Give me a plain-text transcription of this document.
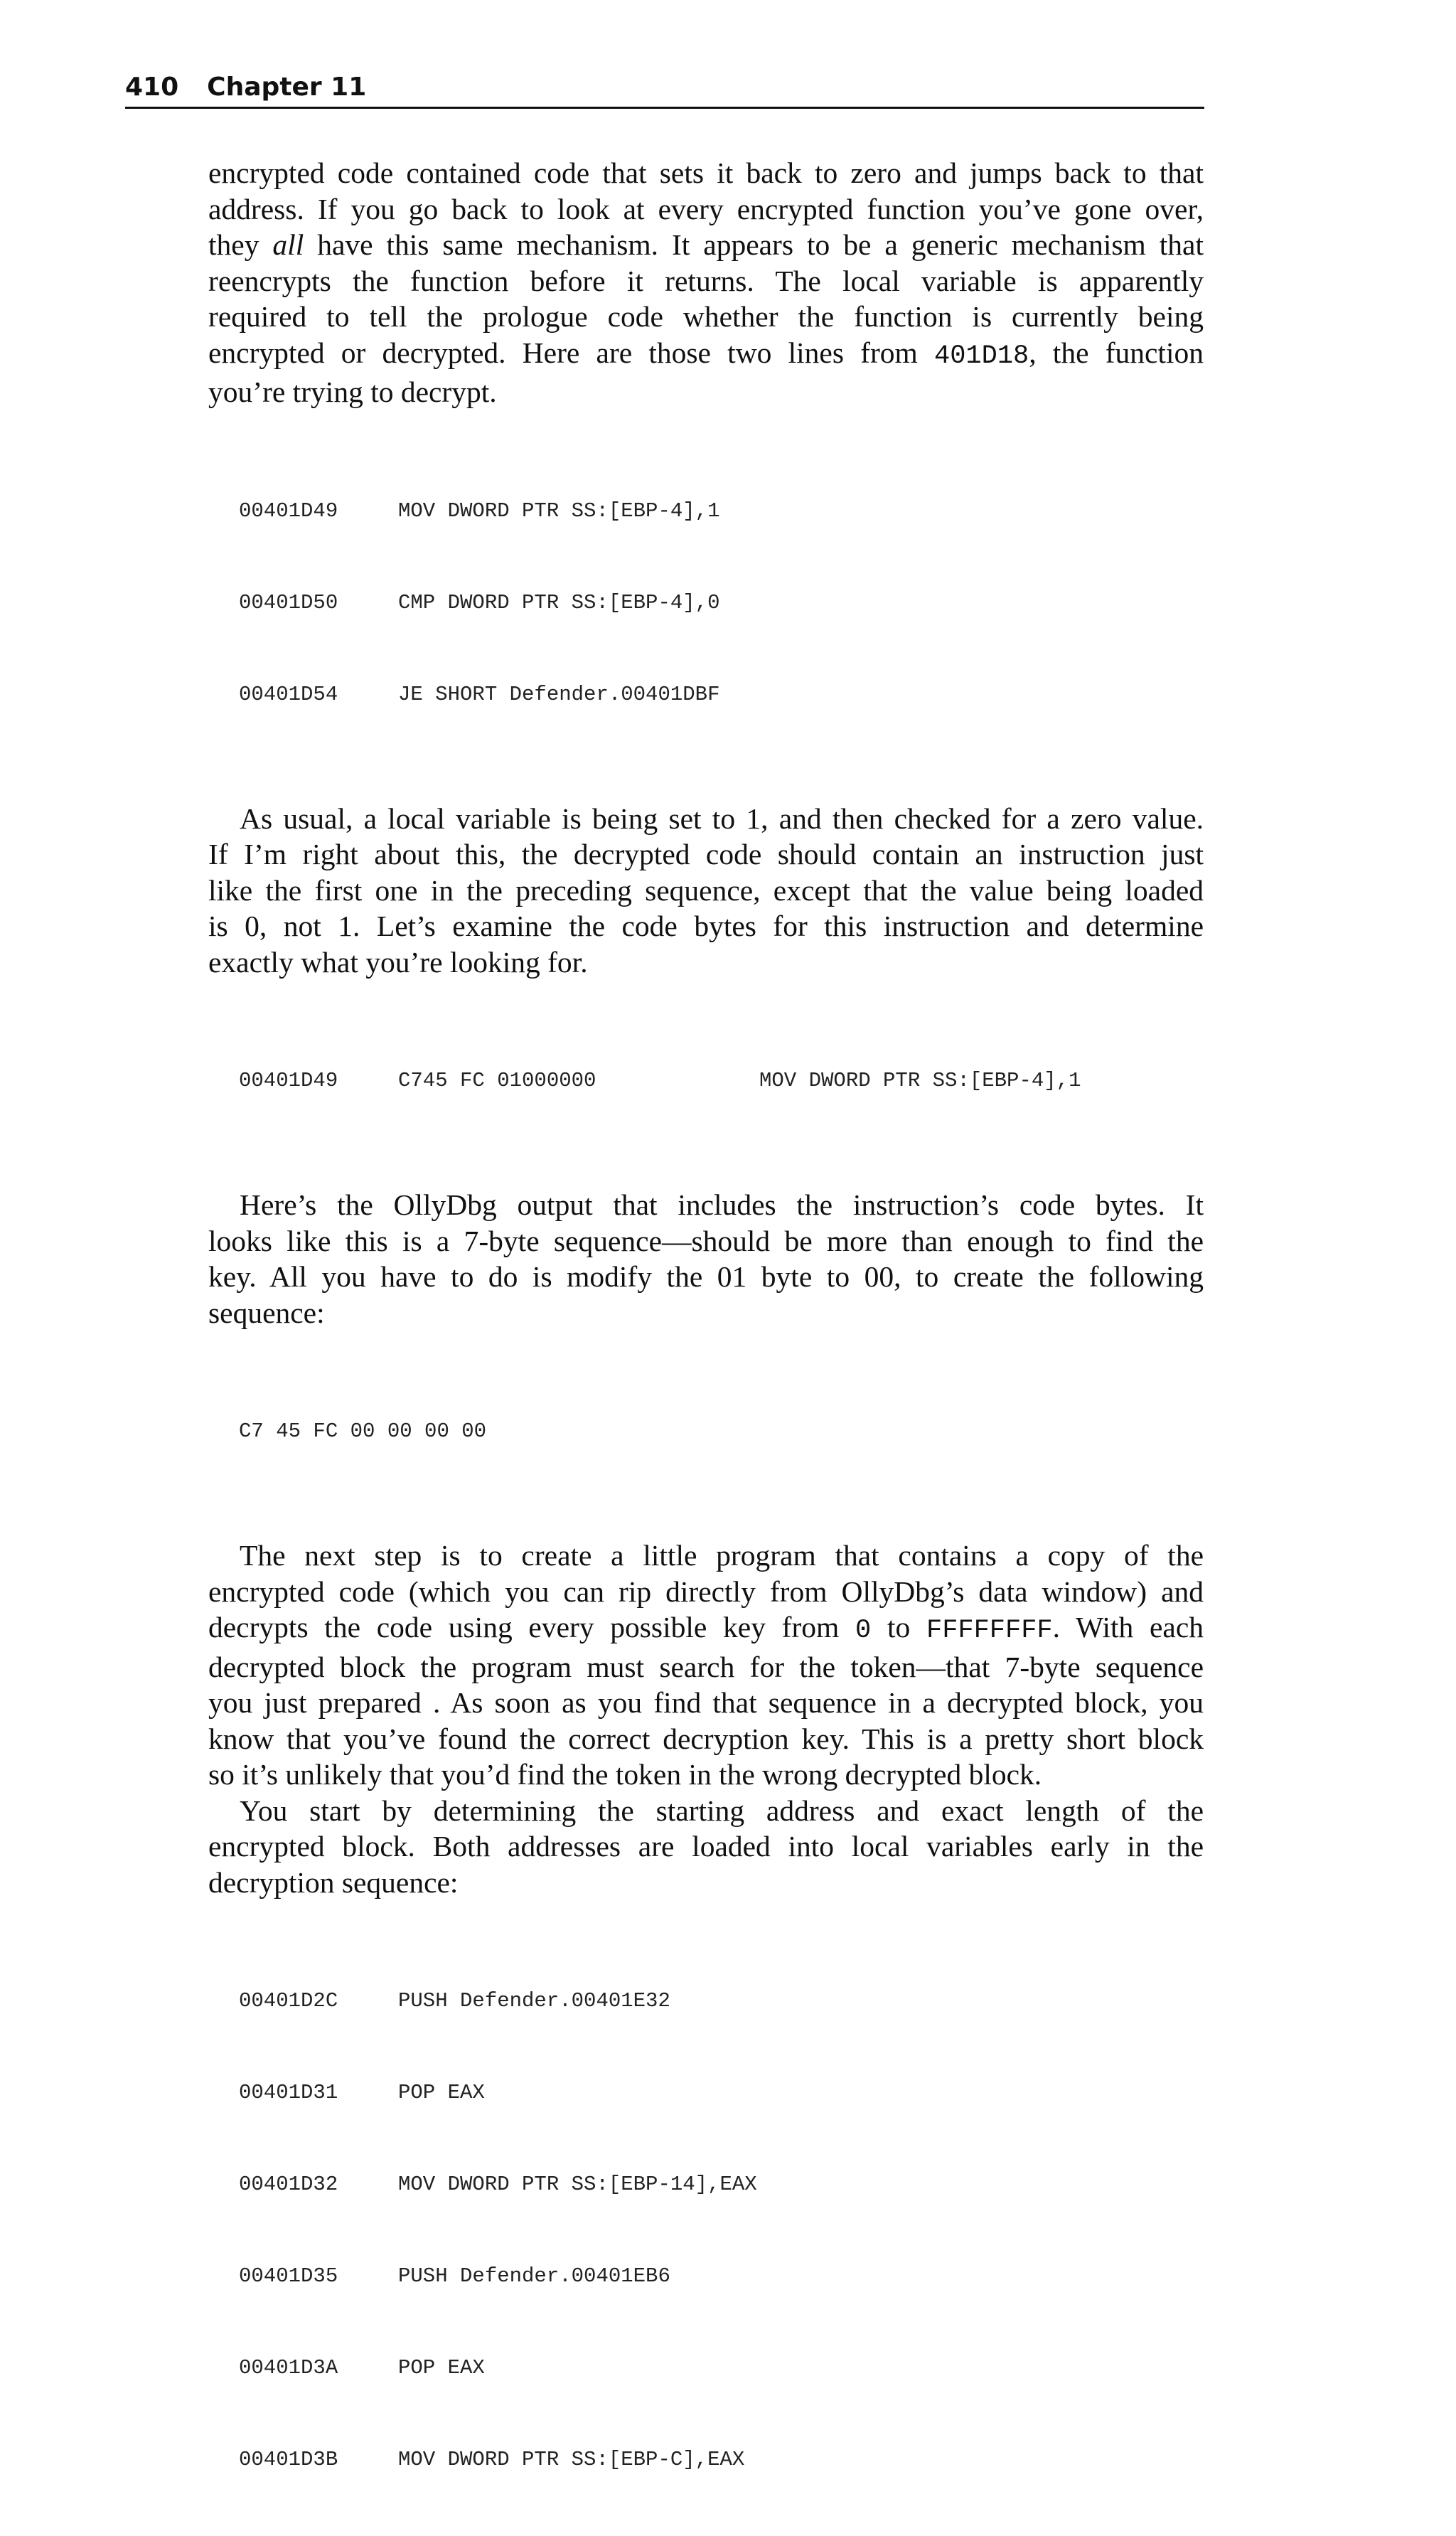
410 Chapter 11
encrypted code contained code that sets it back to zero and jumps back to that
address. If you go back to look at every encrypted function you’ve gone over,
they all have this same mechanism. It appears to be a generic mechanism that
reencrypts the function before it returns. The local variable is apparently
required to tell the prologue code whether the function is currently being
encrypted or decrypted. Here are those two lines from 401D18, the function
you’re trying to decrypt.

00401D49	MOV DWORD PTR SS:[EBP-4],1

00401D50	CMP DWORD PTR SS:[EBP-4],0

00401D54	JE SHORT Defender.00401DBF

As usual, a local variable is being set to 1, and then checked for a zero value.
If I’m right about this, the decrypted code should contain an instruction just
like the first one in the preceding sequence, except that the value being loaded
is 0, not 1. Let’s examine the code bytes for this instruction and determine
exactly what you’re looking for.

00401D49	C745 FC 01000000	MOV DWORD PTR SS:[EBP-4],1

Here’s the OllyDbg output that includes the instruction’s code bytes. It
looks like this is a 7-byte sequence—should be more than enough to find the
key. All you have to do is modify the 01 byte to 00, to create the following
sequence:

C7 45 FC 00 00 00 00

The next step is to create a little program that contains a copy of the
encrypted code (which you can rip directly from OllyDbg’s data window) and
decrypts the code using every possible key from 0 to FFFFFFFF. With each
decrypted block the program must search for the token—that 7-byte sequence
you just prepared . As soon as you find that sequence in a decrypted block, you
know that you’ve found the correct decryption key. This is a pretty short block
so it’s unlikely that you’d find the token in the wrong decrypted block.
You start by determining the starting address and exact length of the
encrypted block. Both addresses are loaded into local variables early in the
decryption sequence:

00401D2C	PUSH Defender.00401E32

00401D31	POP EAX

00401D32	MOV DWORD PTR SS:[EBP-14],EAX

00401D35	PUSH Defender.00401EB6

00401D3A	POP EAX

00401D3B	MOV DWORD PTR SS:[EBP-C],EAX
